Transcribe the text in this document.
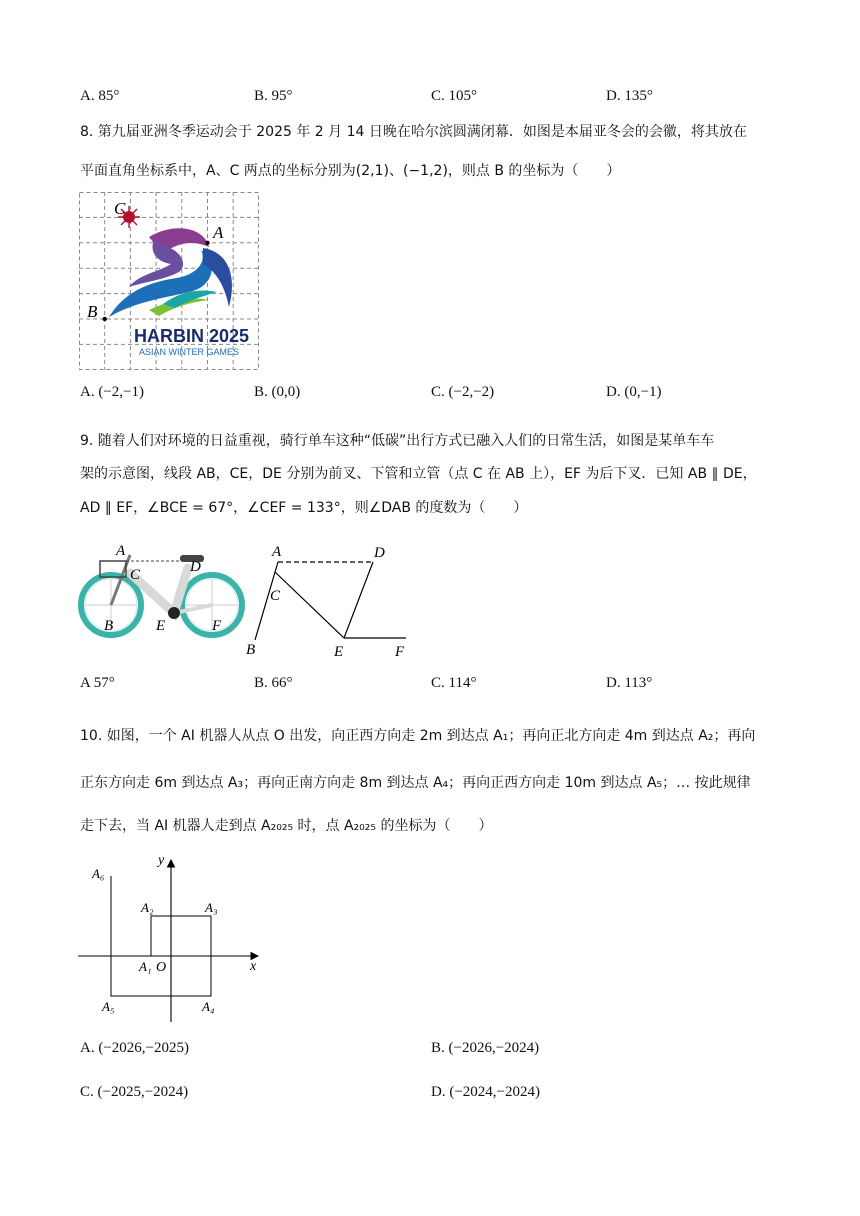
A. 85°	B. 95°	C. 105°	D. 135°
8. 第九届亚洲冬季运动会于 2025 年 2 月 14 日晚在哈尔滨圆满闭幕．如图是本届亚冬会的会徽，将其放在
平面直角坐标系中，A、C 两点的坐标分别为(2,1)、(−1,2)，则点 B 的坐标为（　　）
HARBIN 2025
ASIAN WINTER GAMES
A
B
C
A. (−2,−1)	B. (0,0)	C. (−2,−2)	D. (0,−1)
9. 随着人们对环境的日益重视，骑行单车这种“低碳”出行方式已融入人们的日常生活，如图是某单车车
架的示意图，线段 AB，CE，DE 分别为前叉、下管和立管（点 C 在 AB 上），EF 为后下叉．已知 AB ∥ DE，
AD ∥ EF，∠BCE = 67°，∠CEF = 133°，则∠DAB 的度数为（　　）
A
C	D
B	E	F
A	D
C
B	E	F
A 57°	B. 66°	C. 114°	D. 113°
10. 如图，一个 AI 机器人从点 O 出发，向正西方向走 2m 到达点 A₁；再向正北方向走 4m 到达点 A₂；再向
正东方向走 6m 到达点 A₃；再向正南方向走 8m 到达点 A₄；再向正西方向走 10m 到达点 A₅；… 按此规律
走下去，当 AI 机器人走到点 A₂₀₂₅ 时，点 A₂₀₂₅ 的坐标为（　　）
x
y
O
A₁
A₂	A₃
A₄
A₅
A₆
A. (−2026,−2025)	B. (−2026,−2024)
C. (−2025,−2024)	D. (−2024,−2024)
